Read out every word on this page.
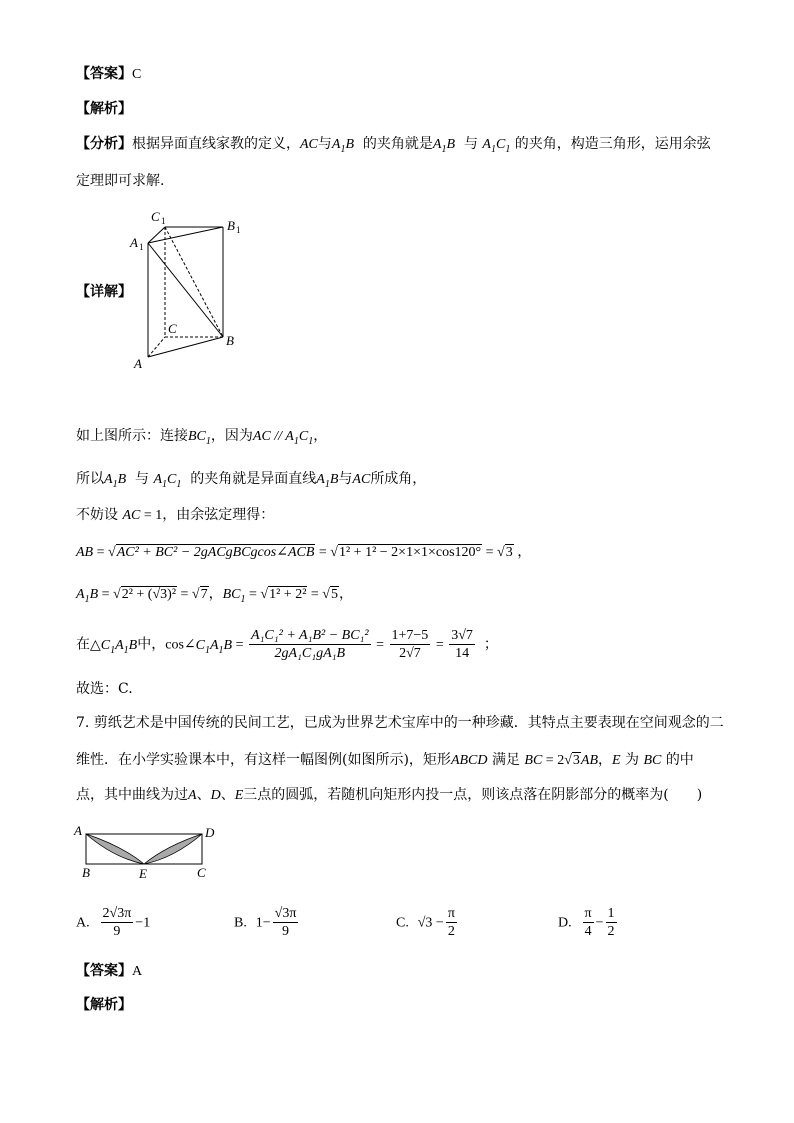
【答案】C
【解析】
【分析】根据异面直线家教的定义，AC与$A_1B$ 的夹角就是$A_1B$ 与 $A_1C_1$ 的夹角，构造三角形，运用余弦
定理即可求解.
【详解】
C 1	B 1
A 1
C
B
A
如上图所示：连接$BC_1$，因为AC // $A_1C_1$，
所以$A_1B$ 与 $A_1C_1$ 的夹角就是异面直线$A_1B$与AC所成角，
不妨设 AC = 1，由余弦定理得：
AB = √AC² + BC² − 2gACgBCgcos∠ACB = √1² + 1² − 2×1×1×cos120° = √3 ，
$A_1B = √2^2 + (√3)^2 = √7$，$BC_1 = √1^2 + 2^2 = √5$，
在$\triangle C_1A_1B$中，$\cos\angle C_1A_1B = \frac{\text{A₁C₁² + A₁B² − BC₁²}}{\text{2gA₁C₁gA₁B}} = \frac{1+7-5}{2√7} = \frac{3√7}{14}$ ；
故选：C.
7. 剪纸艺术是中国传统的民间工艺，已成为世界艺术宝库中的一种珍藏．其特点主要表现在空间观念的二
维性．在小学实验课本中，有这样一幅图例(如图所示)，矩形ABCD 满足 BC = 2√3AB，E 为 BC 的中
点，其中曲线为过A、D、E三点的圆弧，若随机向矩形内投一点，则该点落在阴影部分的概率为(　　)
A	D
B	E	C
A. $\frac{2√3\pi}{9} -1$	B. $1- \frac{√3\pi}{9}$	C. $√3 - \frac{\pi}{2}$	D. $\frac{\pi}{4} - \frac{1}{2}$
【答案】A
【解析】
